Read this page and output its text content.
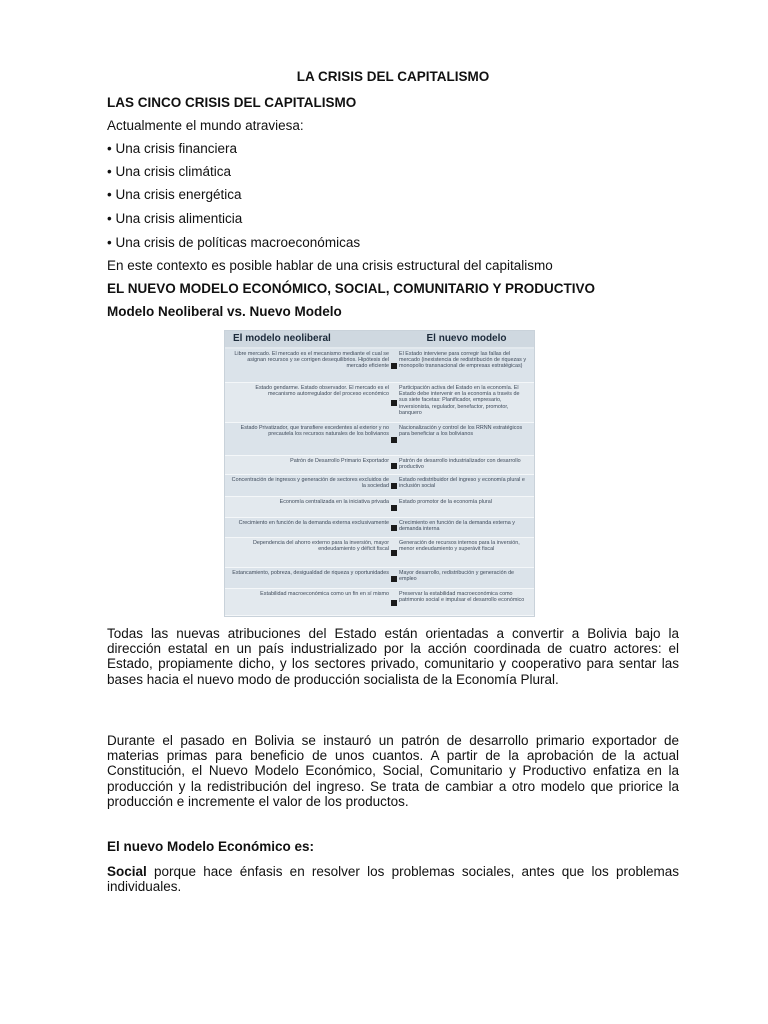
LA CRISIS DEL CAPITALISMO
LAS CINCO CRISIS DEL CAPITALISMO
Actualmente el mundo atraviesa:
• Una crisis financiera
• Una crisis climática
• Una crisis energética
• Una crisis alimenticia
• Una crisis de políticas macroeconómicas
En este contexto es posible hablar de una crisis estructural del capitalismo
EL NUEVO MODELO ECONÓMICO, SOCIAL, COMUNITARIO Y PRODUCTIVO
Modelo Neoliberal vs. Nuevo Modelo
El modelo neoliberal	El nuevo modelo
Libre mercado. El mercado es el mecanismo mediante el cual se asignan recursos y se corrigen desequilibrios. Hipótesis del mercado eficiente
El Estado interviene para corregir las fallas del mercado (inexistencia de redistribución de riquezas y monopolio transnacional de empresas estratégicas)
Estado gendarme. Estado observador. El mercado es el mecanismo autorregulador del proceso económico
Participación activa del Estado en la economía. El Estado debe intervenir en la economía a través de sus siete facetas: Planificador, empresario, inversionista, regulador, benefactor, promotor, banquero
Estado Privatizador, que transfiere excedentes al exterior y no precautela los recursos naturales de los bolivianos
Nacionalización y control de los RRNN estratégicos para beneficiar a los bolivianos
Patrón de Desarrollo Primario Exportador Patrón de desarrollo industrializador con desarrollo productivo
Concentración de ingresos y generación de sectores excluidos de la sociedad
Estado redistribuidor del ingreso y economía plural e inclusión social
Economía centralizada en la iniciativa privada Estado promotor de la economía plural
Crecimiento en función de la demanda externa exclusivamente Crecimiento en función de la demanda externa y demanda interna
Dependencia del ahorro externo para la inversión, mayor endeudamiento y déficit fiscal
Generación de recursos internos para la inversión, menor endeudamiento y superávit fiscal
Estancamiento, pobreza, desigualdad de riqueza y oportunidades Mayor desarrollo, redistribución y generación de empleo
Estabilidad macroeconómica como un fin en sí mismo Preservar la estabilidad macroeconómica como patrimonio social e impulsar el desarrollo económico
Todas las nuevas atribuciones del Estado están orientadas a convertir a Bolivia bajo la dirección estatal en un país industrializado por la acción coordinada de cuatro actores: el Estado, propiamente dicho, y los sectores privado, comunitario y cooperativo para sentar las bases hacia el nuevo modo de producción socialista de la Economía Plural.
Durante el pasado en Bolivia se instauró un patrón de desarrollo primario exportador de materias primas para beneficio de unos cuantos. A partir de la aprobación de la actual Constitución, el Nuevo Modelo Económico, Social, Comunitario y Productivo enfatiza en la producción y la redistribución del ingreso. Se trata de cambiar a otro modelo que priorice la producción e incremente el valor de los productos.
El nuevo Modelo Económico es:
Social porque hace énfasis en resolver los problemas sociales, antes que los problemas individuales.
